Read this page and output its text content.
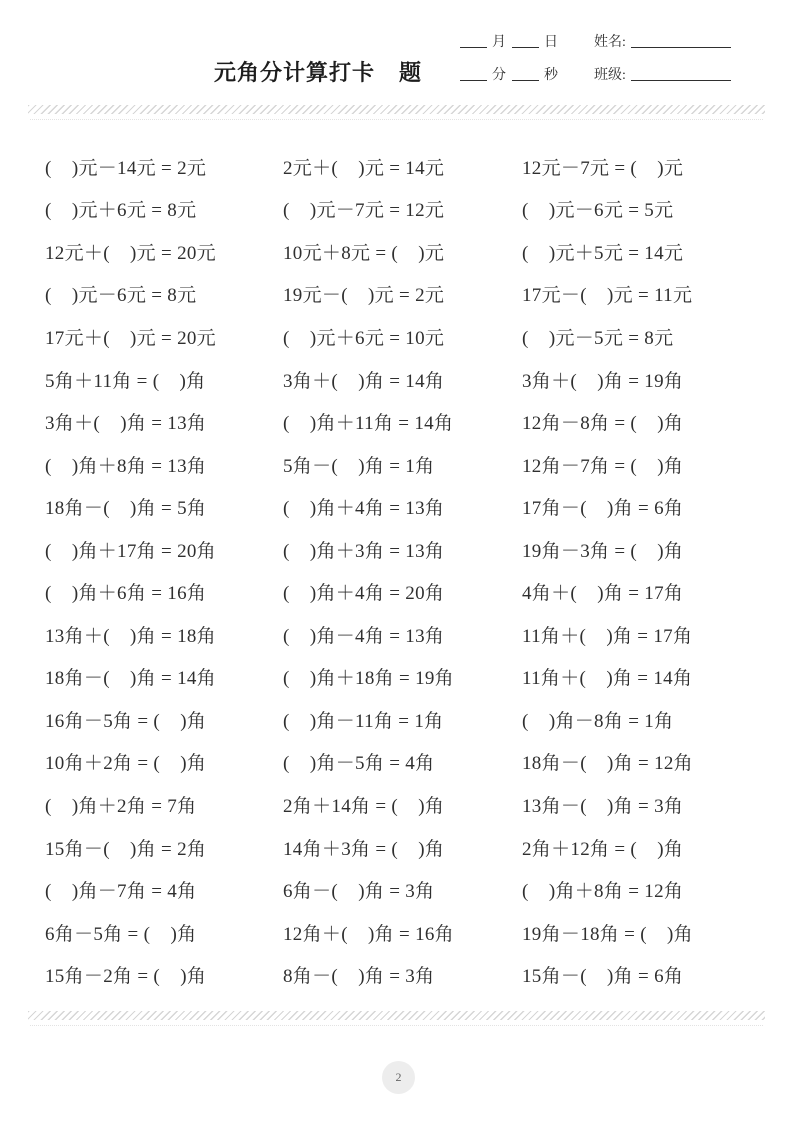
元角分计算打卡 题
月	日	姓名:
分	秒	班级:
(    )元－14元 = 2元	2元＋(    )元 = 14元	12元－7元 = (    )元
(    )元＋6元 = 8元	(    )元－7元 = 12元	(    )元－6元 = 5元
12元＋(    )元 = 20元	10元＋8元 = (    )元	(    )元＋5元 = 14元
(    )元－6元 = 8元	19元－(    )元 = 2元	17元－(    )元 = 11元
17元＋(    )元 = 20元	(    )元＋6元 = 10元	(    )元－5元 = 8元
5角＋11角 = (    )角	3角＋(    )角 = 14角	3角＋(    )角 = 19角
3角＋(    )角 = 13角	(    )角＋11角 = 14角	12角－8角 = (    )角
(    )角＋8角 = 13角	5角－(    )角 = 1角	12角－7角 = (    )角
18角－(    )角 = 5角	(    )角＋4角 = 13角	17角－(    )角 = 6角
(    )角＋17角 = 20角	(    )角＋3角 = 13角	19角－3角 = (    )角
(    )角＋6角 = 16角	(    )角＋4角 = 20角	4角＋(    )角 = 17角
13角＋(    )角 = 18角	(    )角－4角 = 13角	11角＋(    )角 = 17角
18角－(    )角 = 14角	(    )角＋18角 = 19角	11角＋(    )角 = 14角
16角－5角 = (    )角	(    )角－11角 = 1角	(    )角－8角 = 1角
10角＋2角 = (    )角	(    )角－5角 = 4角	18角－(    )角 = 12角
(    )角＋2角 = 7角	2角＋14角 = (    )角	13角－(    )角 = 3角
15角－(    )角 = 2角	14角＋3角 = (    )角	2角＋12角 = (    )角
(    )角－7角 = 4角	6角－(    )角 = 3角	(    )角＋8角 = 12角
6角－5角 = (    )角	12角＋(    )角 = 16角	19角－18角 = (    )角
15角－2角 = (    )角	8角－(    )角 = 3角	15角－(    )角 = 6角
2
